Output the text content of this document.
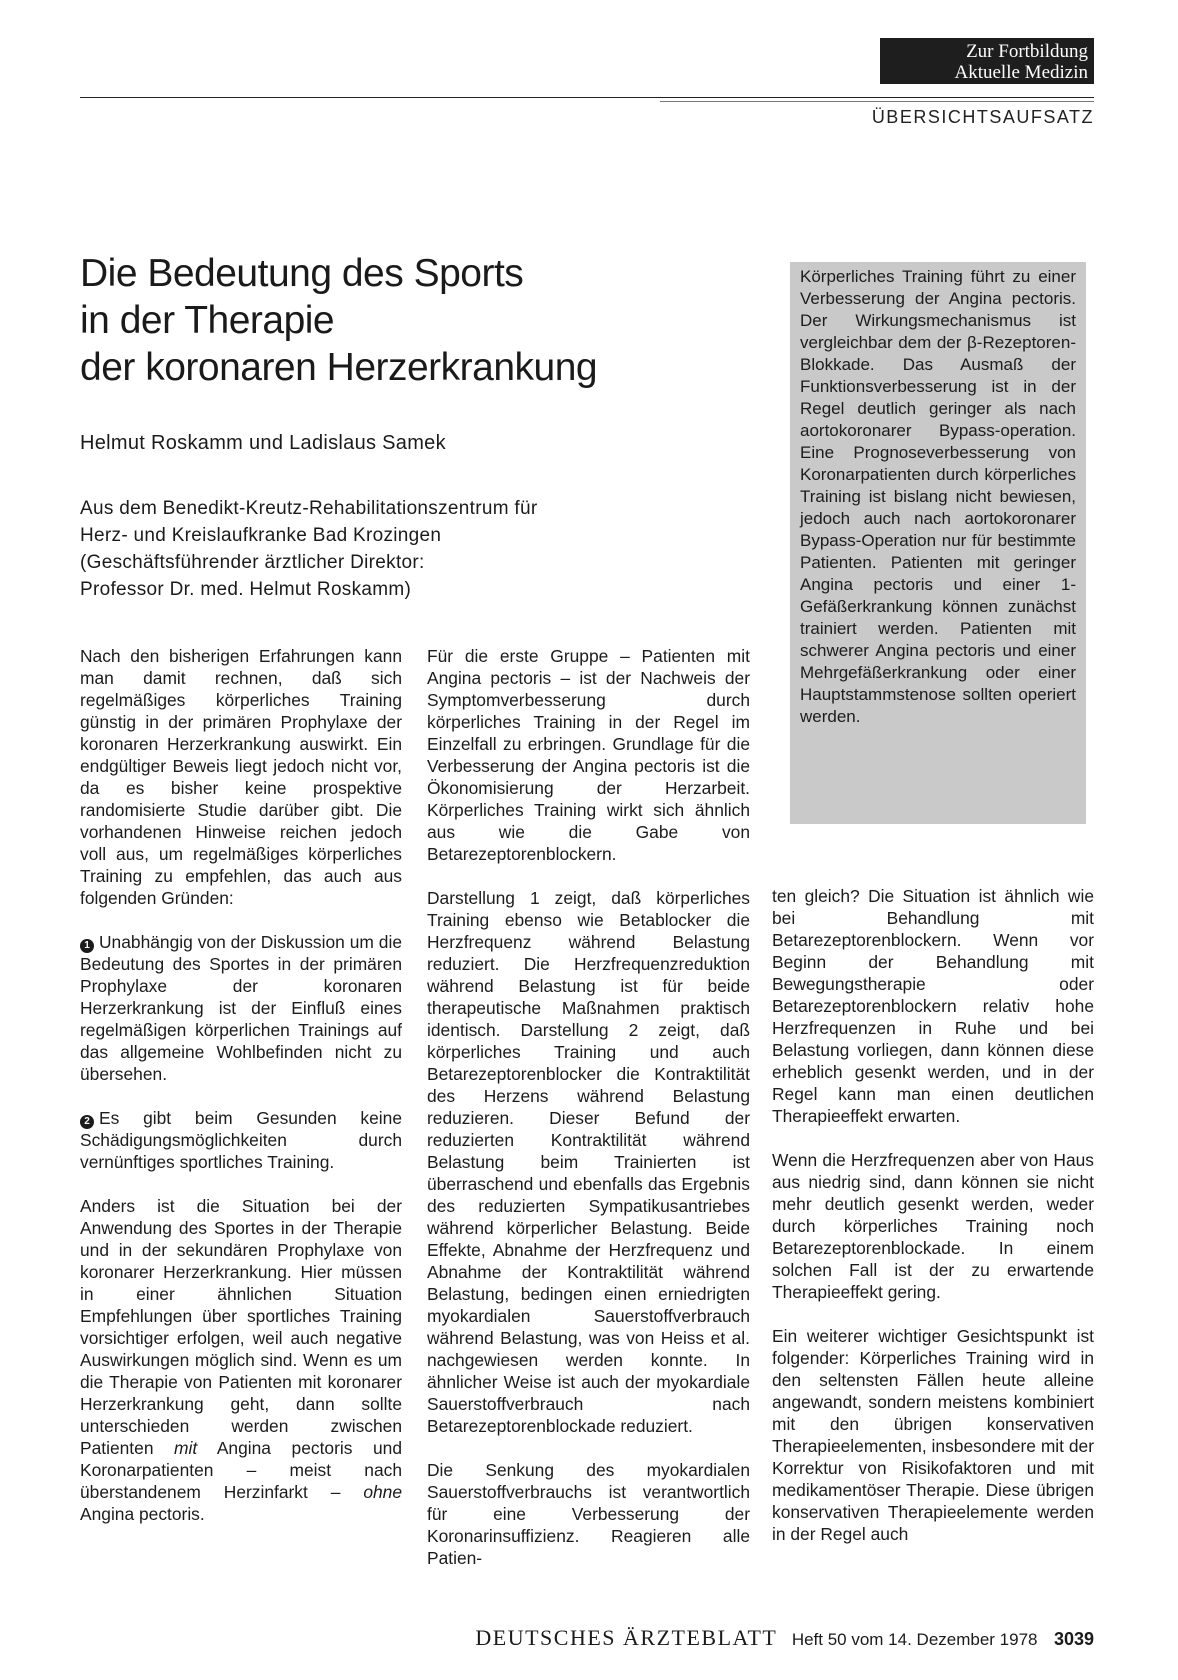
Zur Fortbildung
Aktuelle Medizin
ÜBERSICHTSAUFSATZ
Die Bedeutung des Sports
in der Therapie
der koronaren Herzerkrankung
Helmut Roskamm und Ladislaus Samek
Aus dem Benedikt-Kreutz-Rehabilitationszentrum für
Herz- und Kreislaufkranke Bad Krozingen
(Geschäftsführender ärztlicher Direktor:
Professor Dr. med. Helmut Roskamm)
Körperliches Training führt zu einer Verbesserung der Angina pectoris. Der Wirkungsmechanismus ist vergleichbar dem der β-Rezeptoren-Blokkade. Das Ausmaß der Funktionsverbesserung ist in der Regel deutlich geringer als nach aortokoronarer Bypass-operation. Eine Prognoseverbesserung von Koronarpatienten durch körperliches Training ist bislang nicht bewiesen, jedoch auch nach aortokoronarer Bypass-Operation nur für bestimmte Patienten. Patienten mit geringer Angina pectoris und einer 1-Gefäßerkrankung können zunächst trainiert werden. Patienten mit schwerer Angina pectoris und einer Mehrgefäßerkrankung oder einer Hauptstammstenose sollten operiert werden.

Nach den bisherigen Erfahrungen kann man damit rechnen, daß sich regelmäßiges körperliches Training günstig in der primären Prophylaxe der koronaren Herzerkrankung auswirkt. Ein endgültiger Beweis liegt jedoch nicht vor, da es bisher keine prospektive randomisierte Studie darüber gibt. Die vorhandenen Hinweise reichen jedoch voll aus, um regelmäßiges körperliches Training zu empfehlen, das auch aus folgenden Gründen:

1 Unabhängig von der Diskussion um die Bedeutung des Sportes in der primären Prophylaxe der koronaren Herzerkrankung ist der Einfluß eines regelmäßigen körperlichen Trainings auf das allgemeine Wohlbefinden nicht zu übersehen.

2 Es gibt beim Gesunden keine Schädigungsmöglichkeiten durch vernünftiges sportliches Training.

Anders ist die Situation bei der Anwendung des Sportes in der Therapie und in der sekundären Prophylaxe von koronarer Herzerkrankung. Hier müssen in einer ähnlichen Situation Empfehlungen über sportliches Training vorsichtiger erfolgen, weil auch negative Auswirkungen möglich sind. Wenn es um die Therapie von Patienten mit koronarer Herzerkrankung geht, dann sollte unterschieden werden zwischen Patienten mit Angina pectoris und Koronarpatienten – meist nach überstandenem Herzinfarkt – ohne Angina pectoris.

Für die erste Gruppe – Patienten mit Angina pectoris – ist der Nachweis der Symptomverbesserung durch körperliches Training in der Regel im Einzelfall zu erbringen. Grundlage für die Verbesserung der Angina pectoris ist die Ökonomisierung der Herzarbeit. Körperliches Training wirkt sich ähnlich aus wie die Gabe von Betarezeptorenblockern.

Darstellung 1 zeigt, daß körperliches Training ebenso wie Betablocker die Herzfrequenz während Belastung reduziert. Die Herzfrequenzreduktion während Belastung ist für beide therapeutische Maßnahmen praktisch identisch. Darstellung 2 zeigt, daß körperliches Training und auch Betarezeptorenblocker die Kontraktilität des Herzens während Belastung reduzieren. Dieser Befund der reduzierten Kontraktilität während Belastung beim Trainierten ist überraschend und ebenfalls das Ergebnis des reduzierten Sympatikusantriebes während körperlicher Belastung. Beide Effekte, Abnahme der Herzfrequenz und Abnahme der Kontraktilität während Belastung, bedingen einen erniedrigten myokardialen Sauerstoffverbrauch während Belastung, was von Heiss et al. nachgewiesen werden konnte. In ähnlicher Weise ist auch der myokardiale Sauerstoffverbrauch nach Betarezeptorenblockade reduziert.

Die Senkung des myokardialen Sauerstoffverbrauchs ist verantwortlich für eine Verbesserung der Koronarinsuffizienz. Reagieren alle Patien-

ten gleich? Die Situation ist ähnlich wie bei Behandlung mit Betarezeptorenblockern. Wenn vor Beginn der Behandlung mit Bewegungstherapie oder Betarezeptorenblockern relativ hohe Herzfrequenzen in Ruhe und bei Belastung vorliegen, dann können diese erheblich gesenkt werden, und in der Regel kann man einen deutlichen Therapieeffekt erwarten.

Wenn die Herzfrequenzen aber von Haus aus niedrig sind, dann können sie nicht mehr deutlich gesenkt werden, weder durch körperliches Training noch Betarezeptorenblockade. In einem solchen Fall ist der zu erwartende Therapieeffekt gering.

Ein weiterer wichtiger Gesichtspunkt ist folgender: Körperliches Training wird in den seltensten Fällen heute alleine angewandt, sondern meistens kombiniert mit den übrigen konservativen Therapieelementen, insbesondere mit der Korrektur von Risikofaktoren und mit medikamentöser Therapie. Diese übrigen konservativen Therapieelemente werden in der Regel auch

DEUTSCHES ÄRZTEBLATT Heft 50 vom 14. Dezember 1978 3039
